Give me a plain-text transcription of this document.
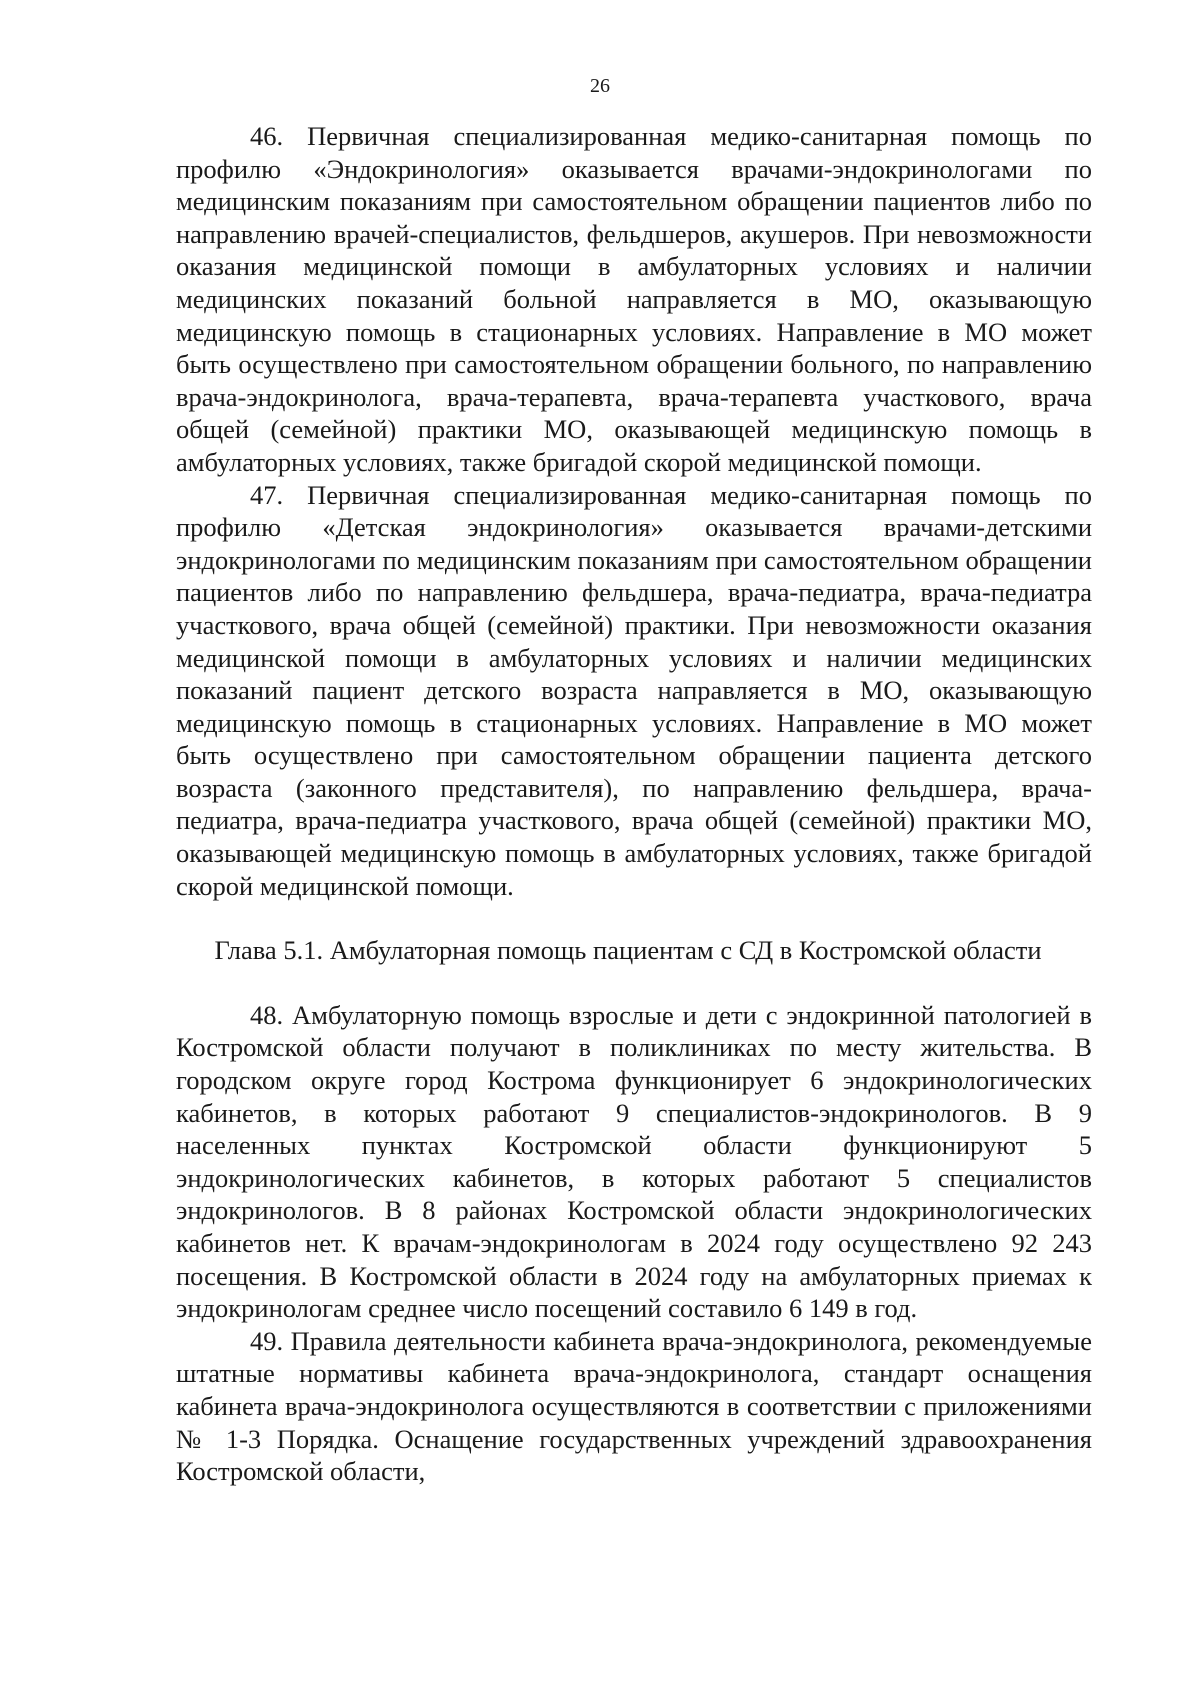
26

46. Первичная специализированная медико-санитарная помощь по профилю «Эндокринология» оказывается врачами-эндокринологами по медицинским показаниям при самостоятельном обращении пациентов либо по направлению врачей-специалистов, фельдшеров, акушеров. При невозможности оказания медицинской помощи в амбулаторных условиях и наличии медицинских показаний больной направляется в МО, оказывающую медицинскую помощь в стационарных условиях. Направление в МО может быть осуществлено при самостоятельном обращении больного, по направлению врача-эндокринолога, врача-терапевта, врача-терапевта участкового, врача общей (семейной) практики МО, оказывающей медицинскую помощь в амбулаторных условиях, также бригадой скорой медицинской помощи.

47. Первичная специализированная медико-санитарная помощь по профилю «Детская эндокринология» оказывается врачами-детскими эндокринологами по медицинским показаниям при самостоятельном обращении пациентов либо по направлению фельдшера, врача-педиатра, врача-педиатра участкового, врача общей (семейной) практики. При невозможности оказания медицинской помощи в амбулаторных условиях и наличии медицинских показаний пациент детского возраста направляется в МО, оказывающую медицинскую помощь в стационарных условиях. Направление в МО может быть осуществлено при самостоятельном обращении пациента детского возраста (законного представителя), по направлению фельдшера, врача-педиатра, врача-педиатра участкового, врача общей (семейной) практики МО, оказывающей медицинскую помощь в амбулаторных условиях, также бригадой скорой медицинской помощи.

Глава 5.1. Амбулаторная помощь пациентам с СД в Костромской области

48. Амбулаторную помощь взрослые и дети с эндокринной патологией в Костромской области получают в поликлиниках по месту жительства. В городском округе город Кострома функционирует 6 эндокринологических кабинетов, в которых работают 9 специалистов-эндокринологов. В 9 населенных пунктах Костромской области функционируют 5 эндокринологических кабинетов, в которых работают 5 специалистов эндокринологов. В 8 районах Костромской области эндокринологических кабинетов нет. К врачам-эндокринологам в 2024 году осуществлено 92 243 посещения. В Костромской области в 2024 году на амбулаторных приемах к эндокринологам среднее число посещений составило 6 149 в год.

49. Правила деятельности кабинета врача-эндокринолога, рекомендуемые штатные нормативы кабинета врача-эндокринолога, стандарт оснащения кабинета врача-эндокринолога осуществляются в соответствии с приложениями № 1-3 Порядка. Оснащение государственных учреждений здравоохранения Костромской области,
